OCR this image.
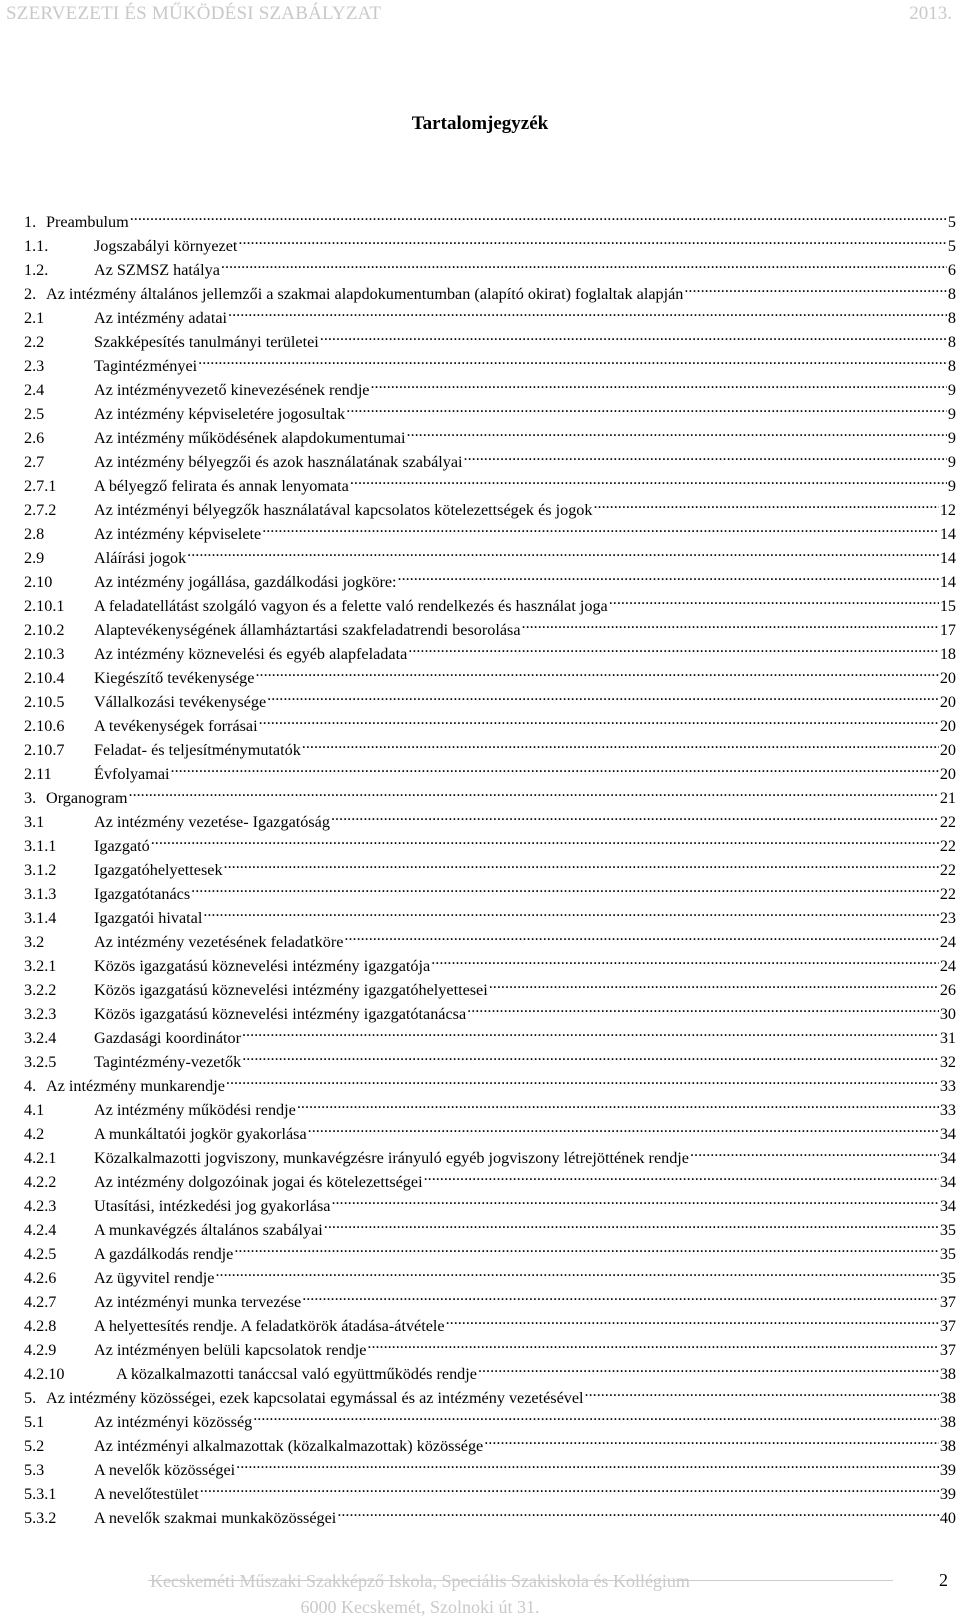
SZERVEZETI ÉS MŰKÖDÉSI SZABÁLYZAT	2013.
Tartalomjegyzék
1. Preambulum .....	5
1.1.	Jogszabályi környezet .....	5
1.2.	Az SZMSZ hatálya .....	6
2. Az intézmény általános jellemzői a szakmai alapdokumentumban (alapító okirat) foglaltak alapján .....	8
2.1	Az intézmény adatai .....	8
2.2	Szakképesítés tanulmányi területei .....	8
2.3	Tagintézményei .....	8
2.4	Az intézményvezető kinevezésének rendje .....	9
2.5	Az intézmény képviseletére jogosultak .....	9
2.6	Az intézmény működésének alapdokumentumai .....	9
2.7	Az intézmény bélyegzői és azok használatának szabályai .....	9
2.7.1	A bélyegző felirata és annak lenyomata .....	9
2.7.2	Az intézményi bélyegzők használatával kapcsolatos kötelezettségek és jogok .....	12
2.8	Az intézmény képviselete .....	14
2.9	Aláírási jogok .....	14
2.10	Az intézmény jogállása, gazdálkodási jogköre: .....	14
2.10.1	A feladatellátást szolgáló vagyon és a felette való rendelkezés és használat joga .....	15
2.10.2	Alaptevékenységének államháztartási szakfeladatrendi besorolása .....	17
2.10.3	Az intézmény köznevelési és egyéb alapfeladata .....	18
2.10.4	Kiegészítő tevékenysége .....	20
2.10.5	Vállalkozási tevékenysége .....	20
2.10.6	A tevékenységek forrásai .....	20
2.10.7	Feladat- és teljesítménymutatók .....	20
2.11	Évfolyamai .....	20
3. Organogram .....	21
3.1	Az intézmény vezetése- Igazgatóság .....	22
3.1.1	Igazgató .....	22
3.1.2	Igazgatóhelyettesek .....	22
3.1.3	Igazgatótanács .....	22
3.1.4	Igazgatói hivatal .....	23
3.2	Az intézmény vezetésének feladatköre .....	24
3.2.1	Közös igazgatású köznevelési intézmény igazgatója .....	24
3.2.2	Közös igazgatású köznevelési intézmény igazgatóhelyettesei .....	26
3.2.3	Közös igazgatású köznevelési intézmény igazgatótanácsa .....	30
3.2.4	Gazdasági koordinátor .....	31
3.2.5	Tagintézmény-vezetők .....	32
4. Az intézmény munkarendje .....	33
4.1	Az intézmény működési rendje .....	33
4.2	A munkáltatói jogkör gyakorlása .....	34
4.2.1	Közalkalmazotti jogviszony, munkavégzésre irányuló egyéb jogviszony létrejöttének rendje .....	34
4.2.2	Az intézmény dolgozóinak jogai és kötelezettségei .....	34
4.2.3	Utasítási, intézkedési jog gyakorlása .....	34
4.2.4	A munkavégzés általános szabályai .....	35
4.2.5	A gazdálkodás rendje .....	35
4.2.6	Az ügyvitel rendje .....	35
4.2.7	Az intézményi munka tervezése .....	37
4.2.8	A helyettesítés rendje. A feladatkörök átadása-átvétele .....	37
4.2.9	Az intézményen belüli kapcsolatok rendje .....	37
4.2.10	A közalkalmazotti tanáccsal való együttműködés rendje .....	38
5. Az intézmény közösségei, ezek kapcsolatai egymással és az intézmény vezetésével .....	38
5.1	Az intézményi közösség .....	38
5.2	Az intézményi alkalmazottak (közalkalmazottak) közössége .....	38
5.3	A nevelők közösségei .....	39
5.3.1	A nevelőtestület .....	39
5.3.2	A nevelők szakmai munkaközösségei .....	40
Kecskeméti Műszaki Szakképző Iskola, Speciális Szakiskola és Kollégium
6000 Kecskemét, Szolnoki út 31.
2
